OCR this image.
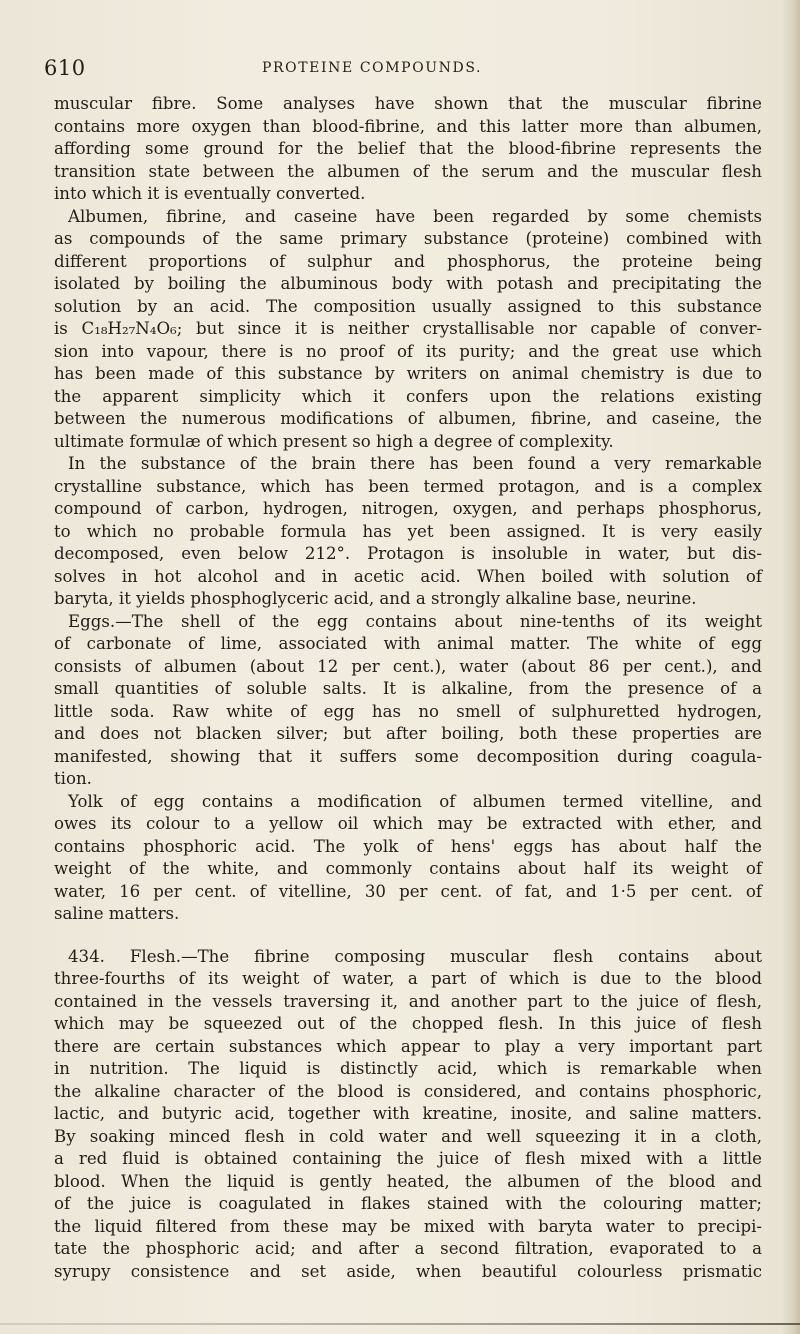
610	PROTEINE COMPOUNDS.
muscular fibre. Some analyses have shown that the muscular fibrine
contains more oxygen than blood-fibrine, and this latter more than albumen,
affording some ground for the belief that the blood-fibrine represents the
transition state between the albumen of the serum and the muscular flesh
into which it is eventually converted.
Albumen, fibrine, and caseine have been regarded by some chemists
as compounds of the same primary substance (proteine) combined with
different proportions of sulphur and phosphorus, the proteine being
isolated by boiling the albuminous body with potash and precipitating the
solution by an acid. The composition usually assigned to this substance
is C₁₈H₂₇N₄O₆; but since it is neither crystallisable nor capable of conver-
sion into vapour, there is no proof of its purity; and the great use which
has been made of this substance by writers on animal chemistry is due to
the apparent simplicity which it confers upon the relations existing
between the numerous modifications of albumen, fibrine, and caseine, the
ultimate formulæ of which present so high a degree of complexity.
In the substance of the brain there has been found a very remarkable
crystalline substance, which has been termed protagon, and is a complex
compound of carbon, hydrogen, nitrogen, oxygen, and perhaps phosphorus,
to which no probable formula has yet been assigned. It is very easily
decomposed, even below 212°. Protagon is insoluble in water, but dis-
solves in hot alcohol and in acetic acid. When boiled with solution of
baryta, it yields phosphoglyceric acid, and a strongly alkaline base, neurine.
Eggs.—The shell of the egg contains about nine-tenths of its weight
of carbonate of lime, associated with animal matter. The white of egg
consists of albumen (about 12 per cent.), water (about 86 per cent.), and
small quantities of soluble salts. It is alkaline, from the presence of a
little soda. Raw white of egg has no smell of sulphuretted hydrogen,
and does not blacken silver; but after boiling, both these properties are
manifested, showing that it suffers some decomposition during coagula-
tion.
Yolk of egg contains a modification of albumen termed vitelline, and
owes its colour to a yellow oil which may be extracted with ether, and
contains phosphoric acid. The yolk of hens' eggs has about half the
weight of the white, and commonly contains about half its weight of
water, 16 per cent. of vitelline, 30 per cent. of fat, and 1·5 per cent. of
saline matters.
434. Flesh.—The fibrine composing muscular flesh contains about
three-fourths of its weight of water, a part of which is due to the blood
contained in the vessels traversing it, and another part to the juice of flesh,
which may be squeezed out of the chopped flesh. In this juice of flesh
there are certain substances which appear to play a very important part
in nutrition. The liquid is distinctly acid, which is remarkable when
the alkaline character of the blood is considered, and contains phosphoric,
lactic, and butyric acid, together with kreatine, inosite, and saline matters.
By soaking minced flesh in cold water and well squeezing it in a cloth,
a red fluid is obtained containing the juice of flesh mixed with a little
blood. When the liquid is gently heated, the albumen of the blood and
of the juice is coagulated in flakes stained with the colouring matter;
the liquid filtered from these may be mixed with baryta water to precipi-
tate the phosphoric acid; and after a second filtration, evaporated to a
syrupy consistence and set aside, when beautiful colourless prismatic
